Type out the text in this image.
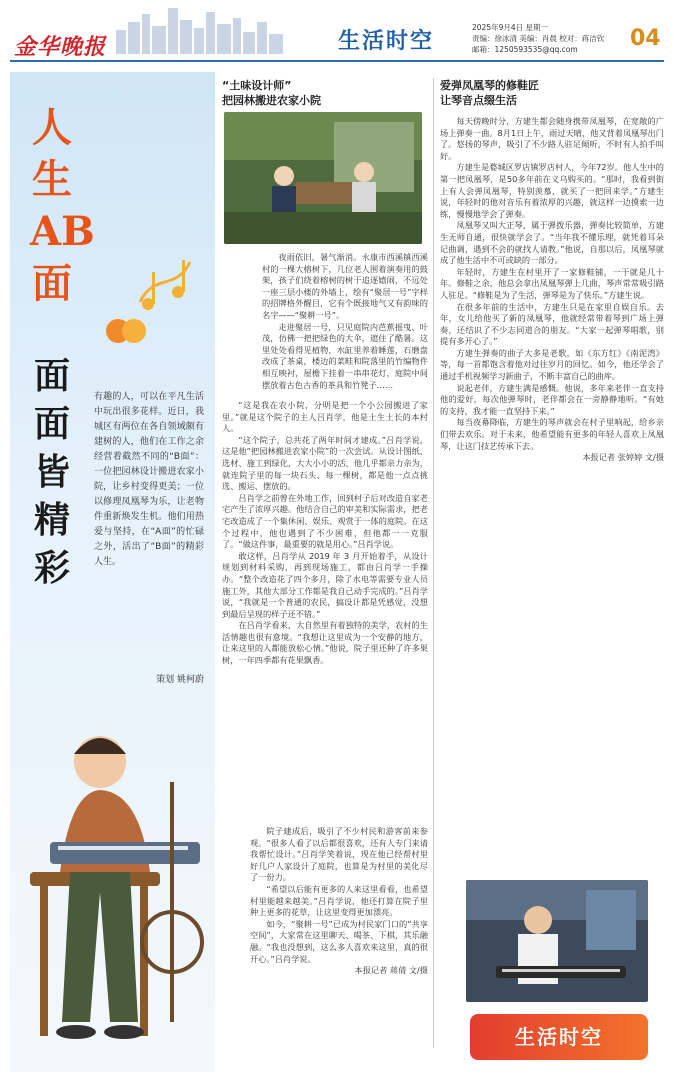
金华晚报	生活时空
2025年9月4日 星期一
责编：徐冰清 美编：肖晨 校对：蒋洁钦
邮箱：1250593535@qq.com	04
人生AB面
面面皆精彩
有趣的人，可以在平凡生活中玩出很多花样。近日，我城区有两位在各自领域颇有建树的人，他们在工作之余经营着截然不同的“B面”：一位把园林设计搬进农家小院，让乡村变得更美；一位以修理凤凰琴为乐，让老物件重新焕发生机。他们用热爱与坚持，在“A面”的忙碌之外，活出了“B面”的精彩人生。
策划 姚柯蔚
“土味设计师”
把园林搬进农家小院

夜雨依旧，暑气渐消。永康市西溪镇西溪村的一棵大榕树下，几位老人围着演奏用的鼓架，孩子们绕着榕树的树干追逐嬉闹，不远处一座三层小楼的外墙上，绘有“聚居一号”字样的招牌格外醒目，它有个既接地气又有韵味的名字——“聚耕一号”。

走进聚居一号，只见庭院内芭蕉摇曳、叶茂，仿佛一把把绿色的大伞，遮住了酷暑。这里处处看得见植物，水缸里养着睡莲，石磨盘改成了茶桌，楼边的菜畦和院落里的竹编物件相互映衬，屋檐下挂着一串串花灯，庭院中间摆放着古色古香的茶具和竹凳子……

“这是我在农小院，分明是把一个小公园搬进了家里。”就是这个院子的主人吕肖学，他是土生土长的本村人。

“这个院子，总共花了两年时间才建成。”吕肖学说，这是他“把园林搬进农家小院”的一次尝试。从设计图纸、选材、施工到绿化，大大小小的活，他几乎都亲力亲为，就连院子里的每一块石头、每一棵树，都是他一点点挑选、搬运、摆放的。

吕肖学之前曾在外地工作，回到村子后对改造自家老宅产生了浓厚兴趣。他结合自己的审美和实际需求，把老宅改造成了一个集休闲、娱乐、观赏于一体的庭院。在这个过程中，他也遇到了不少困难，但他都一一克服了。“做这件事，最重要的就是用心。”吕肖学说。

敢这样，吕肖学从 2019 年 3 月开始着手，从设计规划到材料采购，再到现场施工，都由吕肖学一手操办。“整个改造花了四个多月，除了水电等需要专业人员施工外，其他大部分工作都是我自己动手完成的。”吕肖学说，“我就是一个普通的农民，搞设计都是凭感觉，没想到最后呈现的样子还不错。”

在吕肖学看来，大自然里有着独特的美学，农村的生活情趣也很有意境。“我想让这里成为一个安静的地方，让来这里的人都能放松心情。”他说，院子里还种了许多果树，一年四季都有花果飘香。

院子建成后，吸引了不少村民和游客前来参观。“很多人看了以后都很喜欢，还有人专门来请我帮忙设计。”吕肖学笑着说，现在他已经帮村里好几户人家设计了庭院，也算是为村里的美化尽了一份力。

“希望以后能有更多的人来这里看看，也希望村里能越来越美。”吕肖学说，他还打算在院子里种上更多的花草，让这里变得更加漂亮。

如今，“聚耕一号”已成为村民家门口的“共享空间”，大家常在这里聊天、喝茶、下棋，其乐融融。“我也没想到，这么多人喜欢来这里，真的很开心。”吕肖学说。

本报记者 蒋倩 文/摄
爱弹凤凰琴的修鞋匠
让琴音点缀生活

每天傍晚时分，方建生都会随身携带凤凰琴，在宽敞的广场上弹奏一曲。8月1日上午，雨过天晴，他又背着凤凰琴出门了。悠扬的琴声，吸引了不少路人驻足倾听，不时有人拍手叫好。

方建生是婺城区罗店镇罗店村人，今年72岁。他人生中的第一把凤凰琴，是50多年前在义乌购买的。“那时，我看到街上有人会弹凤凰琴，特别羡慕，就买了一把回来学。”方建生说，年轻时的他对音乐有着浓厚的兴趣，就这样一边摸索一边练，慢慢地学会了弹奏。

凤凰琴又叫大正琴，属于弹拨乐器，弹奏比较简单，方建生无师自通，很快就学会了。“当年我不懂乐理，就凭着耳朵记曲调，遇到不会的就找人请教。”他说，自那以后，凤凰琴就成了他生活中不可或缺的一部分。

年轻时，方建生在村里开了一家修鞋铺，一干就是几十年。修鞋之余，他总会拿出凤凰琴弹上几曲，琴声常常吸引路人驻足。“修鞋是为了生活，弹琴是为了快乐。”方建生说。

在很多年前的生活中，方建生只是在家里自娱自乐。去年，女儿给他买了新的凤凰琴，他就经常带着琴到广场上弹奏，还结识了不少志同道合的朋友。“大家一起弹琴唱歌，别提有多开心了。”

方建生弹奏的曲子大多是老歌，如《东方红》《南泥湾》等，每一首都饱含着他对过往岁月的回忆。如今，他还学会了通过手机视频学习新曲子，不断丰富自己的曲库。

说起老伴，方建生满是感慨。他说，多年来老伴一直支持他的爱好，每次他弹琴时，老伴都会在一旁静静地听。“有她的支持，我才能一直坚持下来。”

每当夜幕降临，方建生的琴声就会在村子里响起，给乡亲们带去欢乐。对于未来，他希望能有更多的年轻人喜欢上凤凰琴，让这门技艺传承下去。

本报记者 张婷婷 文/摄
生活时空
